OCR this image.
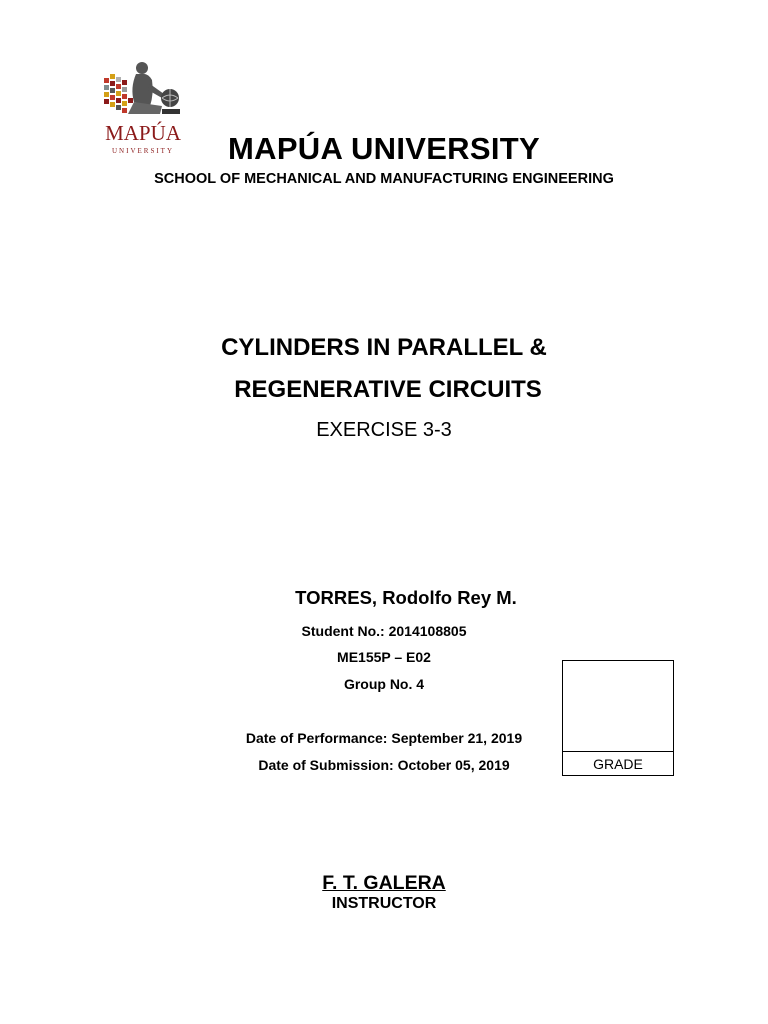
MAPÚA
UNIVERSITY	MAPÚA UNIVERSITY
SCHOOL OF MECHANICAL AND MANUFACTURING ENGINEERING
CYLINDERS IN PARALLEL &
REGENERATIVE CIRCUITS
EXERCISE 3-3
TORRES, Rodolfo Rey M.
Student No.: 2014108805
ME155P – E02
Group No. 4
Date of Performance: September 21, 2019
Date of Submission: October 05, 2019	GRADE
F. T. GALERA
INSTRUCTOR
